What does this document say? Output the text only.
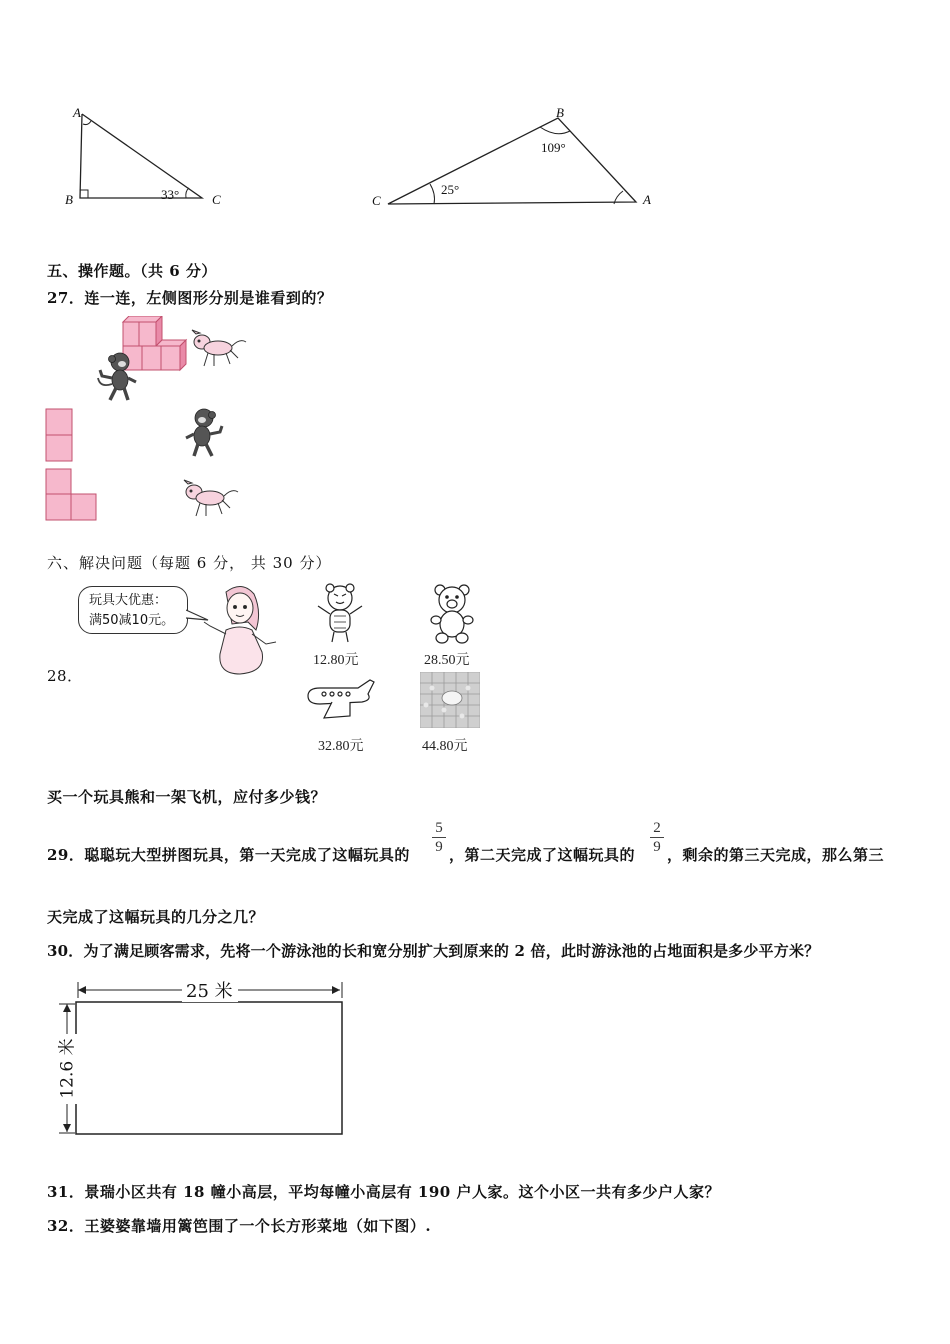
A
B	C
33°
B
C	A
109°
25°
五、操作题。（共 6 分）
27．连一连，左侧图形分别是谁看到的？
六、解决问题（每题 6 分， 共 30 分）
玩具大优惠：
满50减10元。
28．
12.80元	28.50元
32.80元	44.80元
买一个玩具熊和一架飞机，应付多少钱？
29．聪聪玩大型拼图玩具，第一天完成了这幅玩具的
5
9 ，第二天完成了这幅玩具的
2
9 ，剩余的第三天完成，那么第三
天完成了这幅玩具的几分之几？
30．为了满足顾客需求，先将一个游泳池的长和宽分别扩大到原来的 2 倍，此时游泳池的占地面积是多少平方米？
25 米
12.6 米
31．景瑞小区共有 18 幢小高层，平均每幢小高层有 190 户人家。这个小区一共有多少户人家？
32．王婆婆靠墙用篱笆围了一个长方形菜地（如下图）.
